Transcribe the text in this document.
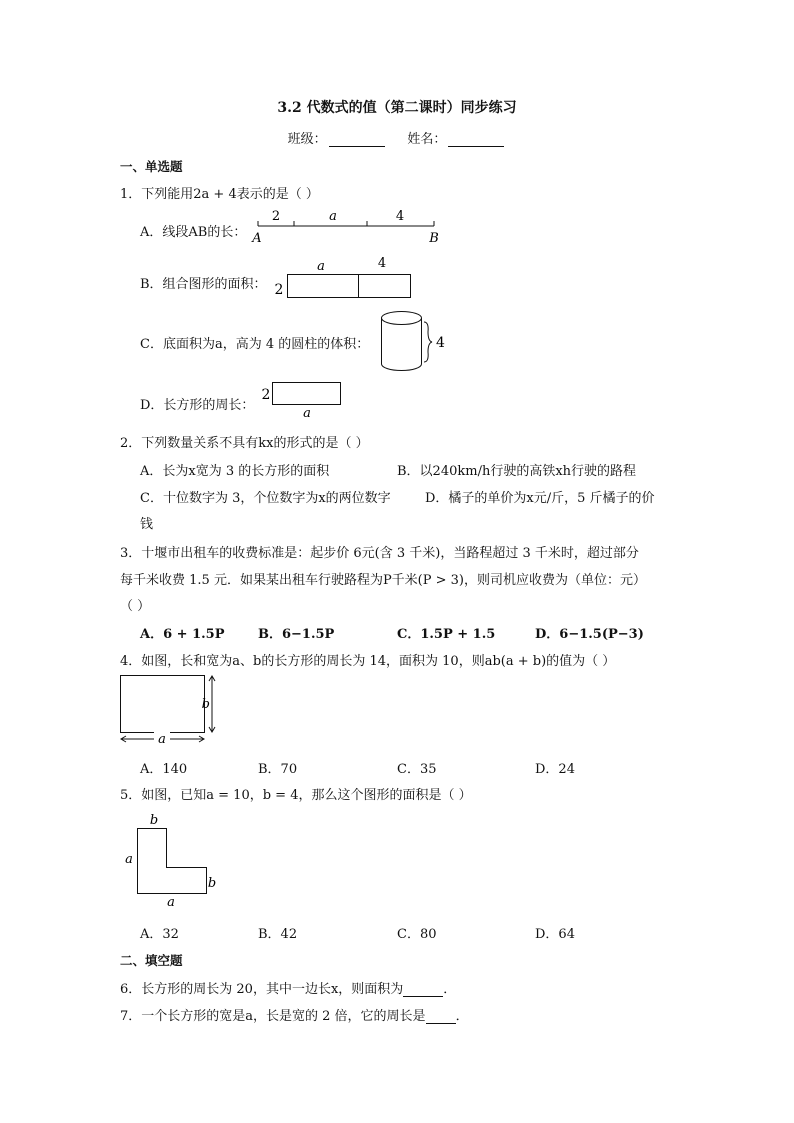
3.2 代数式的值（第二课时）同步练习
班级：	姓名：
一、单选题
1．下列能用2a + 4表示的是（ ）
A．线段AB的长：
2	a	4
A	B
B．组合图形的面积： 2
a	4
C．底面积为a，高为 4 的圆柱的体积：	4
D．长方形的周长：
2
a
2．下列数量关系不具有kx的形式的是（ ）
A．长为x宽为 3 的长方形的面积	B．以240km/h行驶的高铁xh行驶的路程
C．十位数字为 3，个位数字为x的两位数字	D．橘子的单价为x元/斤，5 斤橘子的价
钱
3．十堰市出租车的收费标准是：起步价 6元(含 3 千米)，当路程超过 3 千米时，超过部分
每千米收费 1.5 元．如果某出租车行驶路程为P千米(P > 3)，则司机应收费为（单位：元）
（ ）
A．6 + 1.5P	B．6−1.5P	C．1.5P + 1.5	D．6−1.5(P−3)
4．如图，长和宽为a、b的长方形的周长为 14，面积为 10，则ab(a + b)的值为（ ）
b
a
A．140	B．70	C．35	D．24
5．如图，已知a = 10，b = 4，那么这个图形的面积是（ ）
b
a
b
a
A．32	B．42	C．80	D．64
二、填空题
6．长方形的周长为 20，其中一边长x，则面积为	．
7．一个长方形的宽是a，长是宽的 2 倍，它的周长是 ．
